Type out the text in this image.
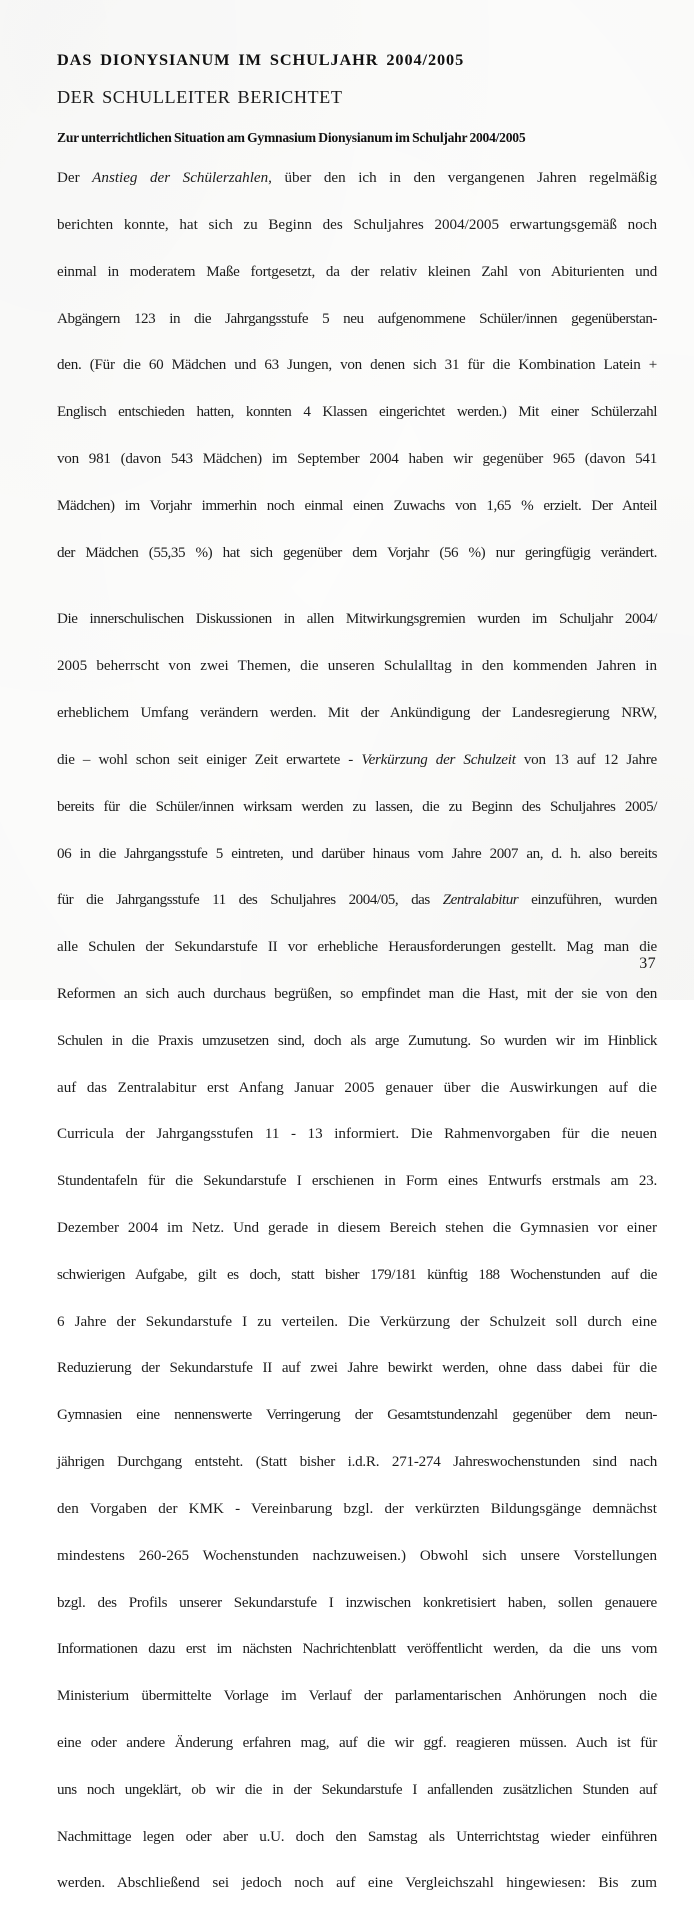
DAS DIONYSIANUM IM SCHULJAHR 2004/2005
DER SCHULLEITER BERICHTET
Zur unterrichtlichen Situation am Gymnasium Dionysianum im Schuljahr 2004/2005

Der Anstieg der Schülerzahlen, über den ich in den vergangenen Jahren regelmäßig
berichten konnte, hat sich zu Beginn des Schuljahres 2004/2005 erwartungsgemäß noch
einmal in moderatem Maße fortgesetzt, da der relativ kleinen Zahl von Abiturienten und
Abgängern 123 in die Jahrgangsstufe 5 neu aufgenommene Schüler/innen gegenüberstan-
den. (Für die 60 Mädchen und 63 Jungen, von denen sich 31 für die Kombination Latein +
Englisch entschieden hatten, konnten 4 Klassen eingerichtet werden.) Mit einer Schülerzahl
von 981 (davon 543 Mädchen) im September 2004 haben wir gegenüber 965 (davon 541
Mädchen) im Vorjahr immerhin noch einmal einen Zuwachs von 1,65 % erzielt. Der Anteil
der Mädchen (55,35 %) hat sich gegenüber dem Vorjahr (56 %) nur geringfügig verändert.

Die innerschulischen Diskussionen in allen Mitwirkungsgremien wurden im Schuljahr 2004/
2005 beherrscht von zwei Themen, die unseren Schulalltag in den kommenden Jahren in
erheblichem Umfang verändern werden. Mit der Ankündigung der Landesregierung NRW,
die – wohl schon seit einiger Zeit erwartete - Verkürzung der Schulzeit von 13 auf 12 Jahre
bereits für die Schüler/innen wirksam werden zu lassen, die zu Beginn des Schuljahres 2005/
06 in die Jahrgangsstufe 5 eintreten, und darüber hinaus vom Jahre 2007 an, d. h. also bereits
für die Jahrgangsstufe 11 des Schuljahres 2004/05, das Zentralabitur einzuführen, wurden
alle Schulen der Sekundarstufe II vor erhebliche Herausforderungen gestellt. Mag man die
Reformen an sich auch durchaus begrüßen, so empfindet man die Hast, mit der sie von den
Schulen in die Praxis umzusetzen sind, doch als arge Zumutung. So wurden wir im Hinblick
auf das Zentralabitur erst Anfang Januar 2005 genauer über die Auswirkungen auf die
Curricula der Jahrgangsstufen 11 - 13 informiert. Die Rahmenvorgaben für die neuen
Stundentafeln für die Sekundarstufe I erschienen in Form eines Entwurfs erstmals am 23.
Dezember 2004 im Netz. Und gerade in diesem Bereich stehen die Gymnasien vor einer
schwierigen Aufgabe, gilt es doch, statt bisher 179/181 künftig 188 Wochenstunden auf die
6 Jahre der Sekundarstufe I zu verteilen. Die Verkürzung der Schulzeit soll durch eine
Reduzierung der Sekundarstufe II auf zwei Jahre bewirkt werden, ohne dass dabei für die
Gymnasien eine nennenswerte Verringerung der Gesamtstundenzahl gegenüber dem neun-
jährigen Durchgang entsteht. (Statt bisher i.d.R. 271-274 Jahreswochenstunden sind nach
den Vorgaben der KMK - Vereinbarung bzgl. der verkürzten Bildungsgänge demnächst
mindestens 260-265 Wochenstunden nachzuweisen.) Obwohl sich unsere Vorstellungen
bzgl. des Profils unserer Sekundarstufe I inzwischen konkretisiert haben, sollen genauere
Informationen dazu erst im nächsten Nachrichtenblatt veröffentlicht werden, da die uns vom
Ministerium übermittelte Vorlage im Verlauf der parlamentarischen Anhörungen noch die
eine oder andere Änderung erfahren mag, auf die wir ggf. reagieren müssen. Auch ist für
uns noch ungeklärt, ob wir die in der Sekundarstufe I anfallenden zusätzlichen Stunden auf
Nachmittage legen oder aber u.U. doch den Samstag als Unterrichtstag wieder einführen
werden. Abschließend sei jedoch noch auf eine Vergleichszahl hingewiesen: Bis zum

37
